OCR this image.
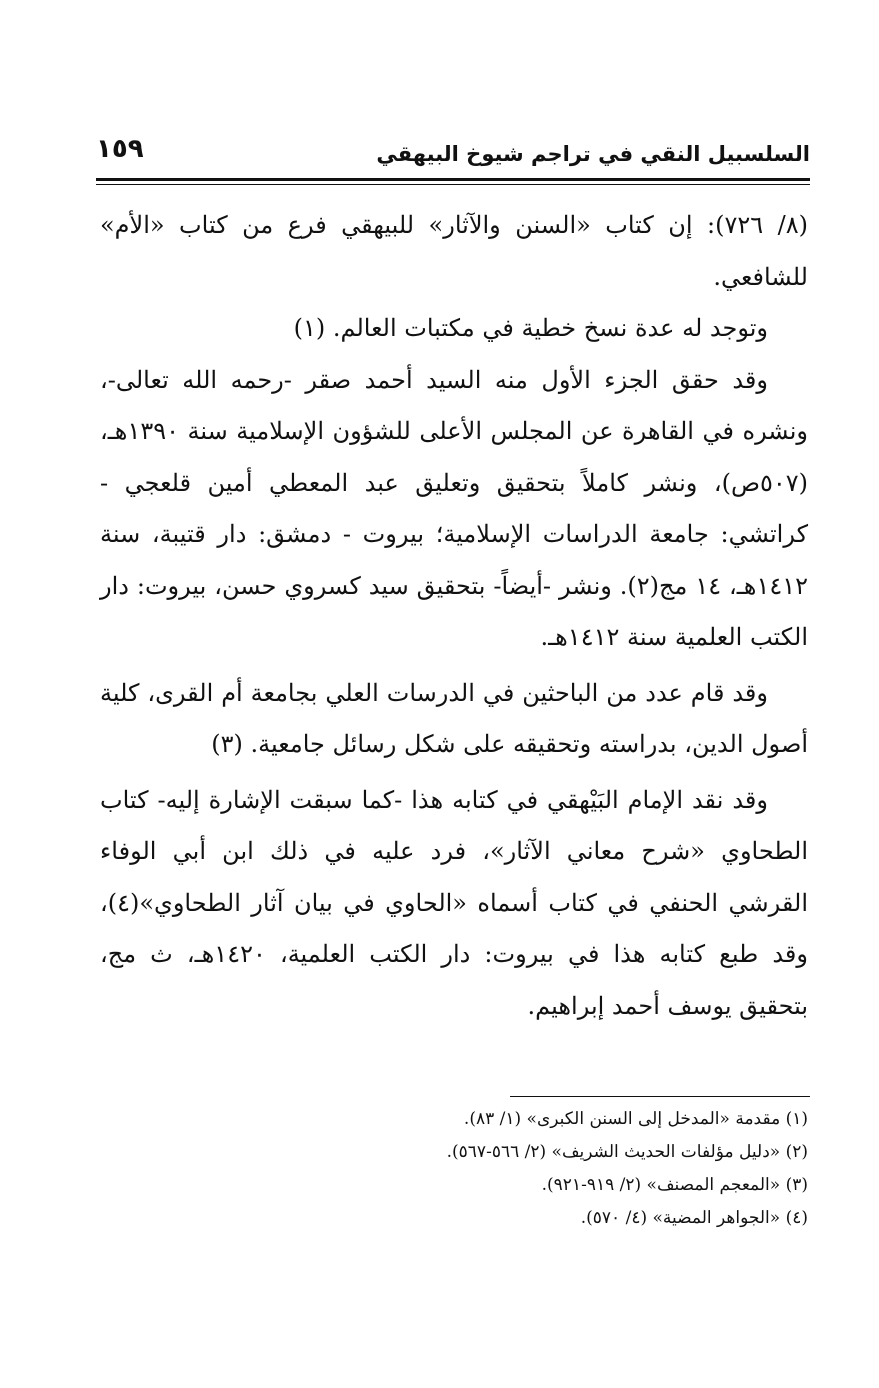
السلسبيل النقي في تراجم شيوخ البيهقي
١٥٩

(٨/ ٧٢٦): إن كتاب «السنن والآثار» للبيهقي فرع من كتاب «الأم» للشافعي.

وتوجد له عدة نسخ خطية في مكتبات العالم. (١)

وقد حقق الجزء الأول منه السيد أحمد صقر -رحمه الله تعالى-، ونشره في القاهرة عن المجلس الأعلى للشؤون الإسلامية سنة ١٣٩٠هـ، (٥٠٧ص)، ونشر كاملاً بتحقيق وتعليق عبد المعطي أمين قلعجي - كراتشي: جامعة الدراسات الإسلامية؛ بيروت - دمشق: دار قتيبة، سنة ١٤١٢هـ، ١٤ مج(٢). ونشر -أيضاً- بتحقيق سيد كسروي حسن، بيروت: دار الكتب العلمية سنة ١٤١٢هـ.

وقد قام عدد من الباحثين في الدرسات العلي بجامعة أم القرى، كلية أصول الدين، بدراسته وتحقيقه على شكل رسائل جامعية. (٣)

وقد نقد الإمام البَيْهقي في كتابه هذا -كما سبقت الإشارة إليه- كتاب الطحاوي «شرح معاني الآثار»، فرد عليه في ذلك ابن أبي الوفاء القرشي الحنفي في كتاب أسماه «الحاوي في بيان آثار الطحاوي»(٤)، وقد طبع كتابه هذا في بيروت: دار الكتب العلمية، ١٤٢٠هـ، ث مج، بتحقيق يوسف أحمد إبراهيم.

(١) مقدمة «المدخل إلى السنن الكبرى» (١/ ٨٣).
(٢) «دليل مؤلفات الحديث الشريف» (٢/ ٥٦٦-٥٦٧).
(٣) «المعجم المصنف» (٢/ ٩١٩-٩٢١).
(٤) «الجواهر المضية» (٤/ ٥٧٠).
